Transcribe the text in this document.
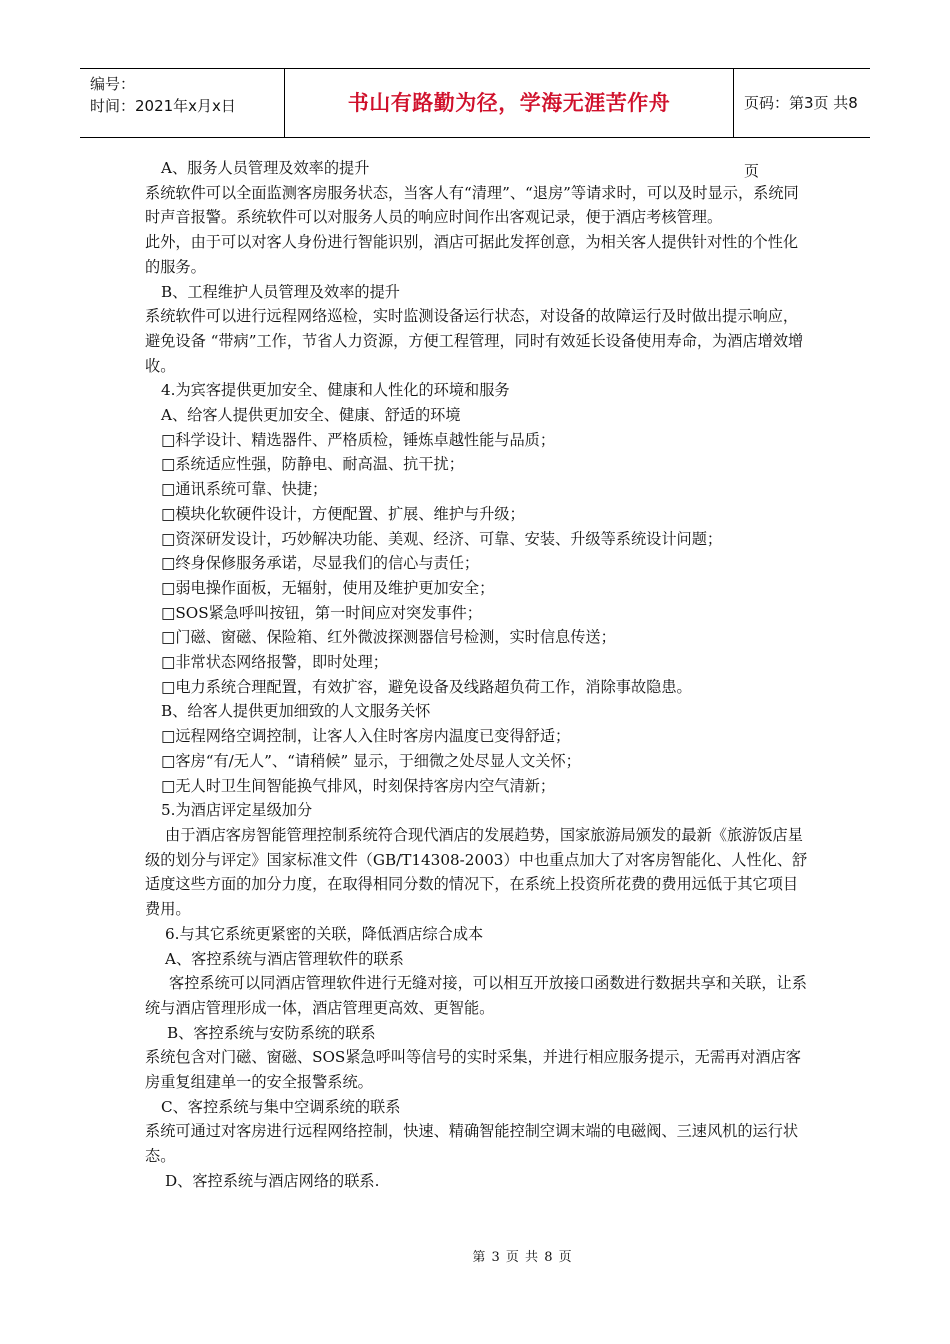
编号：
时间：2021年x月x日	书山有路勤为径，学海无涯苦作舟	页码：第3页 共8页

A、服务人员管理及效率的提升

系统软件可以全面监测客房服务状态，当客人有“清理”、“退房”等请求时，可以及时显示，系统同时声音报警。系统软件可以对服务人员的响应时间作出客观记录，便于酒店考核管理。

此外，由于可以对客人身份进行智能识别，酒店可据此发挥创意，为相关客人提供针对性的个性化的服务。

B、工程维护人员管理及效率的提升

系统软件可以进行远程网络巡检，实时监测设备运行状态，对设备的故障运行及时做出提示响应，避免设备 “带病”工作，节省人力资源，方便工程管理，同时有效延长设备使用寿命，为酒店增效增收。

4.为宾客提供更加安全、健康和人性化的环境和服务

A、给客人提供更加安全、健康、舒适的环境

□科学设计、精选器件、严格质检，锤炼卓越性能与品质；

□系统适应性强，防静电、耐高温、抗干扰；

□通讯系统可靠、快捷；

□模块化软硬件设计，方便配置、扩展、维护与升级；

□资深研发设计，巧妙解决功能、美观、经济、可靠、安装、升级等系统设计问题；

□终身保修服务承诺，尽显我们的信心与责任；

□弱电操作面板，无辐射，使用及维护更加安全；

□SOS紧急呼叫按钮，第一时间应对突发事件；

□门磁、窗磁、保险箱、红外微波探测器信号检测，实时信息传送；

□非常状态网络报警，即时处理；

□电力系统合理配置，有效扩容，避免设备及线路超负荷工作，消除事故隐患。

B、给客人提供更加细致的人文服务关怀

□远程网络空调控制，让客人入住时客房内温度已变得舒适；

□客房“有/无人”、“请稍候” 显示，于细微之处尽显人文关怀；

□无人时卫生间智能换气排风，时刻保持客房内空气清新；

5.为酒店评定星级加分

由于酒店客房智能管理控制系统符合现代酒店的发展趋势，国家旅游局颁发的最新《旅游饭店星级的划分与评定》国家标准文件（GB/T14308-2003）中也重点加大了对客房智能化、人性化、舒适度这些方面的加分力度，在取得相同分数的情况下，在系统上投资所花费的费用远低于其它项目费用。

6.与其它系统更紧密的关联，降低酒店综合成本

A、客控系统与酒店管理软件的联系

客控系统可以同酒店管理软件进行无缝对接，可以相互开放接口函数进行数据共享和关联，让系统与酒店管理形成一体，酒店管理更高效、更智能。

B、客控系统与安防系统的联系

系统包含对门磁、窗磁、SOS紧急呼叫等信号的实时采集，并进行相应服务提示，无需再对酒店客房重复组建单一的安全报警系统。

C、客控系统与集中空调系统的联系

系统可通过对客房进行远程网络控制，快速、精确智能控制空调末端的电磁阀、三速风机的运行状态。

D、客控系统与酒店网络的联系.

第 3 页 共 8 页
